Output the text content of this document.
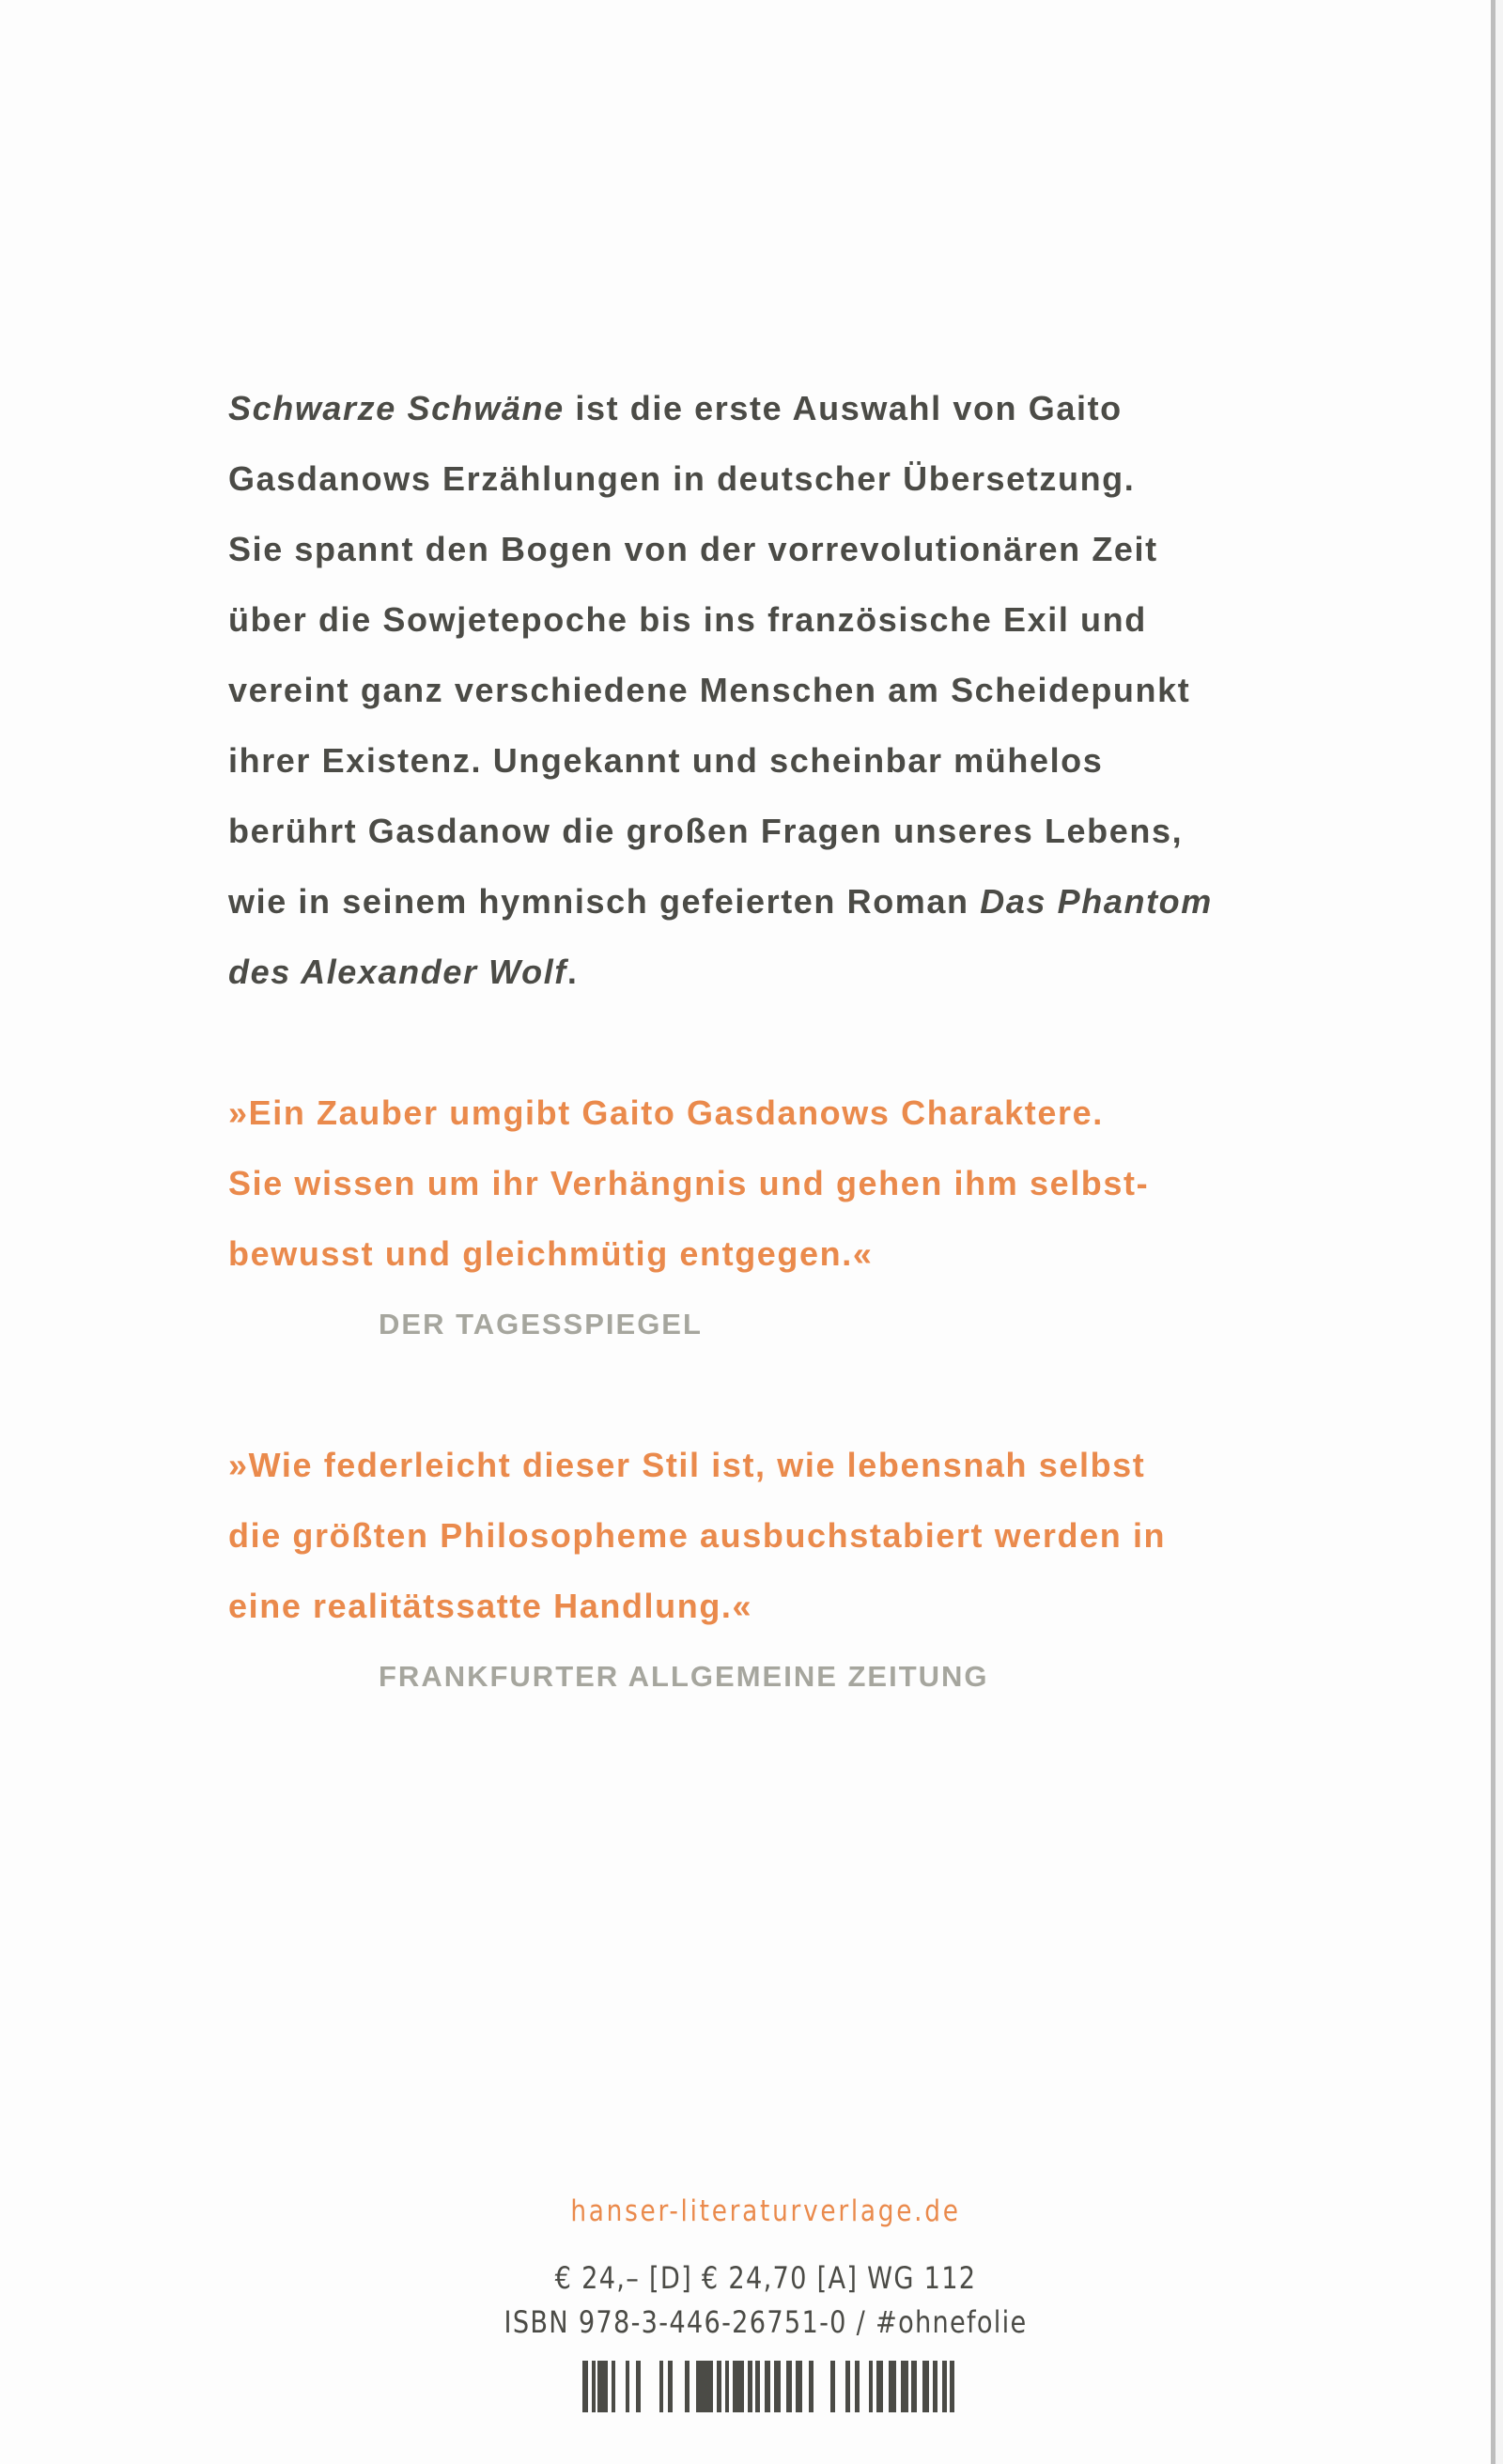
Schwarze Schwäne ist die erste Auswahl von Gaito
Gasdanows Erzählungen in deutscher Übersetzung.
Sie spannt den Bogen von der vorrevolutionären Zeit
über die Sowjetepoche bis ins französische Exil und
vereint ganz verschiedene Menschen am Scheidepunkt
ihrer Existenz. Ungekannt und scheinbar mühelos
berührt Gasdanow die großen Fragen unseres Lebens,
wie in seinem hymnisch gefeierten Roman Das Phantom
des Alexander Wolf.
»Ein Zauber umgibt Gaito Gasdanows Charaktere.
Sie wissen um ihr Verhängnis und gehen ihm selbst-
bewusst und gleichmütig entgegen.«
DER TAGESSPIEGEL
»Wie federleicht dieser Stil ist, wie lebensnah selbst
die größten Philosopheme ausbuchstabiert werden in
eine realitätssatte Handlung.«
FRANKFURTER ALLGEMEINE ZEITUNG
hanser-literaturverlage.de
€ 24,– [D] € 24,70 [A] WG 112
ISBN 978-3-446-26751-0 / #ohnefolie
